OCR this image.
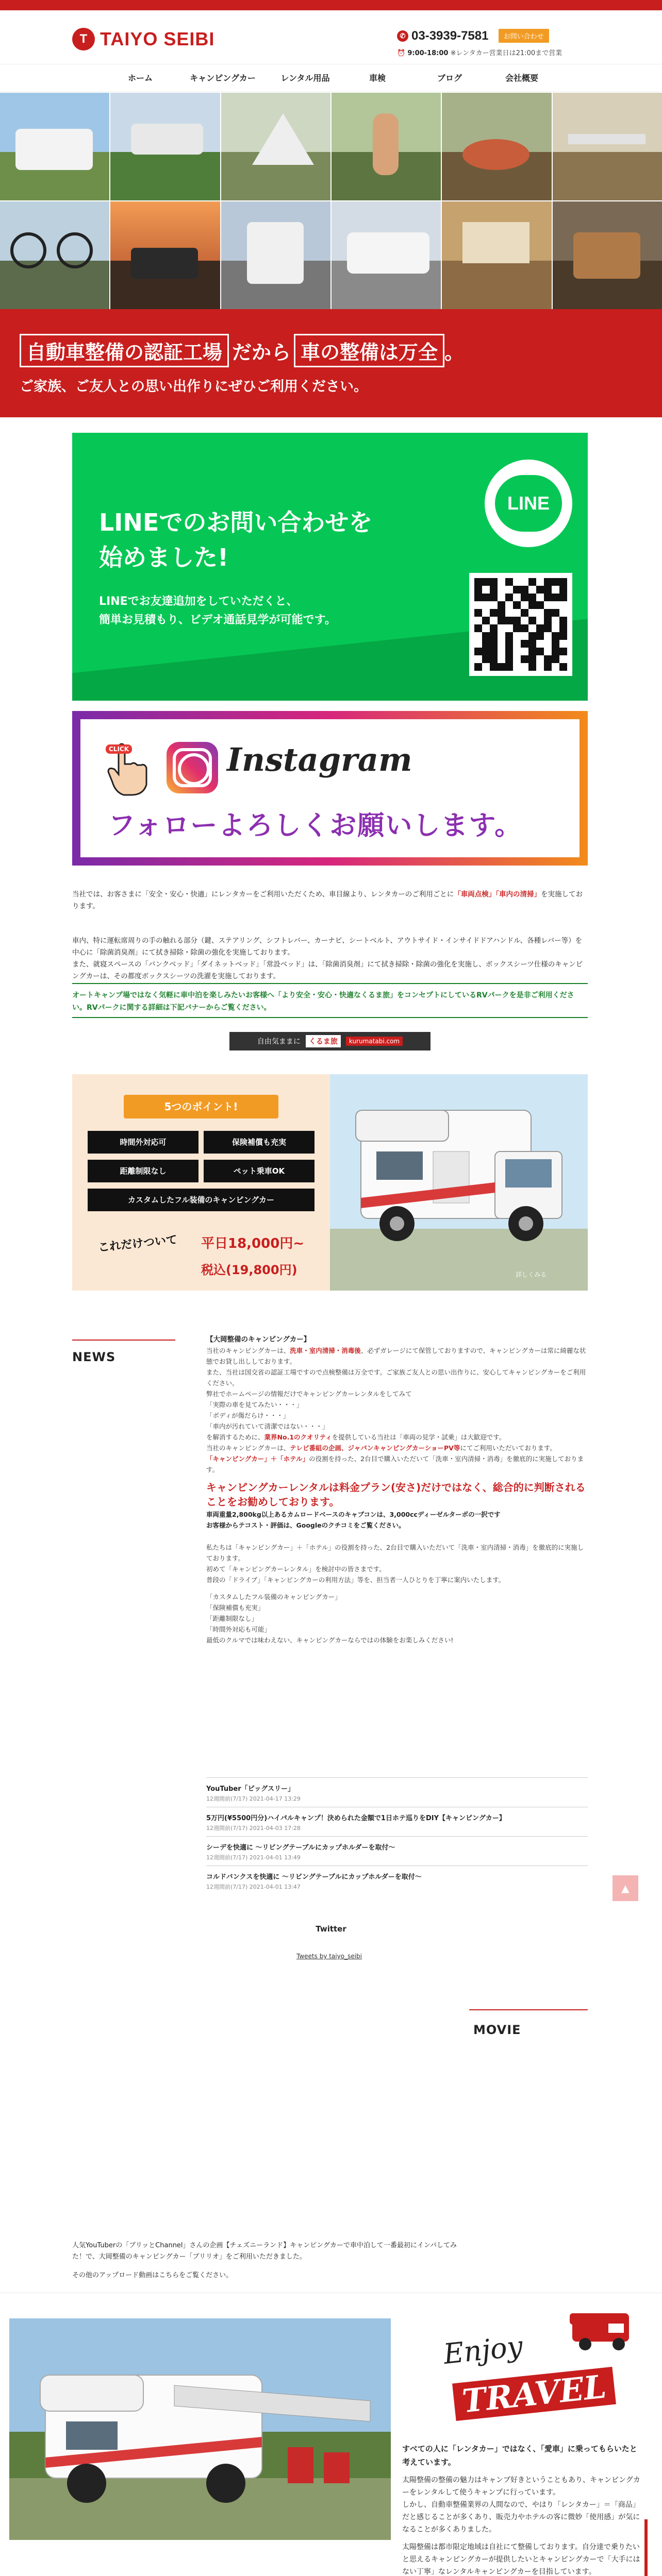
T TAIYO SEIBI	✆ 03-3939-7581 お問い合わせ
⏰ 9:00-18:00 ※レンタカー営業日は21:00まで営業
ホーム	キャンピングカー	レンタル用品	車検	ブログ	会社概要
自動車整備の認証工場 だから 車の整備は万全 。
ご家族、ご友人との思い出作りにぜひご利用ください。
LINEでのお問い合わせを
始めました!
LINEでお友達追加をしていただくと、
簡単お見積もり、ビデオ通話見学が可能です。
LINE
CLICK	Instagram
フォローよろしくお願いします。
当社では、お客さまに「安全・安心・快適」にレンタカーをご利用いただくため、車目線より、レンタカーのご利用ごとに「車両点検」「車内の清掃」を実施しております。
車内、特に運転席周りの手の触れる部分（鍵、ステアリング、シフトレバー、カーナビ、シートベルト、アウトサイド・インサイドドアハンドル、各種レバー等）を中心に「除菌消臭剤」にて拭き掃除・除菌の強化を実施しております。
また、就寝スペースの「バンクベッド」「ダイネットベッド」「常設ベッド」は、「除菌消臭剤」にて拭き掃除・除菌の強化を実施し、ボックスシーツ仕様のキャンピングカーは、その都度ボックスシーツの洗濯を実施しております。
オートキャンプ場ではなく気軽に車中泊を楽しみたいお客様へ「より安全・安心・快適なくるま旅」をコンセプトにしているRVパークを是非ご利用ください。RVパークに関する詳細は下記バナーからご覧ください。
自由気ままに	くるま旅	kurumatabi.com
5つのポイント!
時間外対応可	保険補償も充実
距離制限なし	ペット乗車OK
カスタムしたフル装備のキャンピングカー
これだけついて 平日18,000円~
税込(19,800円)	詳しくみる
NEWS
【大岡整備のキャンピングカー】
当社のキャンピングカーは、洗車・室内清掃・消毒後、必ずガレージにて保管しておりますので、キャンピングカーは常に綺麗な状態でお貸し出ししております。
また、当社は国交省の認証工場ですので点検整備は万全です。ご家族ご友人との思い出作りに、安心してキャンピングカーをご利用ください。
弊社でホームページの情報だけでキャンピングカーレンタルをしてみて
「実際の車を見てみたい・・・」
「ボディが傷だらけ・・・」
「車内が汚れていて清潔ではない・・・」
を解消するために、業界No.1のクオリティを提供している当社は「車両の見学・試乗」は大歓迎です。
当社のキャンピングカーは、テレビ番組の企画、ジャパンキャンピングカーショーPV等にてご利用いただいております。
「キャンピングカー」＋「ホテル」の役割を持った、2台目で購入いただいて「洗車・室内清掃・消毒」を徹底的に実施しております。
キャンピングカーレンタルは料金プラン(安さ)だけではなく、総合的に判断されることをお勧めしております。
車両重量2,800kg以上あるカムロードベースのキャブコンは、3,000ccディーゼルターボの一択です
お客様からテコスト・評価は、Googleのクチコミをご覧ください。
私たちは「キャンピングカー」＋「ホテル」の役割を持った、2台目で購入いただいて「洗車・室内清掃・消毒」を徹底的に実施しております。
初めて「キャンピングカーレンタル」を検討中の皆さまです。
普段の「ドライブ」「キャンピングカーの利用方法」等を、担当者一人ひとりを丁寧に案内いたします。
「カスタムしたフル装備のキャンピングカー」
「保険補償も充実」
「距離制限なし」
「時間外対応も可能」
最低のクルマでは味わえない、キャンピングカーならではの体験をお楽しみください!
YouTuber「ピッグスリー」
12週間前(7/17) 2021-04-17 13:29
5万円(¥5500円分)ハイパルキャンプ！決められた金額で1日ホテ巡りをDIY【キャンピングカー】
12週間前(7/17) 2021-04-03 17:28
シーデを快適に ～リビングテーブルにカップホルダーを取付～
12週間前(7/17) 2021-04-01 13:49
コルドバンクスを快適に ～リビングテーブルにカップホルダーを取付～
12週間前(7/17) 2021-04-01 13:47	▲
Twitter
Tweets by taiyo_seibi
MOVIE
人気YouTuberの「ブリッとChannel」さんの企画【チェズニーランド】キャンピングカーで車中泊して一番最初にインパしてみた！で、大岡整備のキャンピングカー「ブリリオ」をご利用いただきました。
その他のアップロード動画はこちらをご覧ください。
Enjoy
TRAVEL
すべての人に「レンタカー」ではなく、「愛車」に乗ってもらいたと考えています。
太陽整備の整備の魅力はキャンプ好きということもあり、キャンピングカーをレンタルして使うキャンプに行っています。
しかし、自動車整備業界の人間なので、やはり「レンタカー」＝「商品」だと感じることが多くあり、販売力やホテルの客に微妙「使用感」が気になることが多くありました。
太陽整備は都市限定地域は自社にて整備しております。自分達で乗りたいと思えるキャンピングカーが提供したいとキャンピングカーで「大手にはない丁寧」なレンタルキャンピングカーを目指しています。
